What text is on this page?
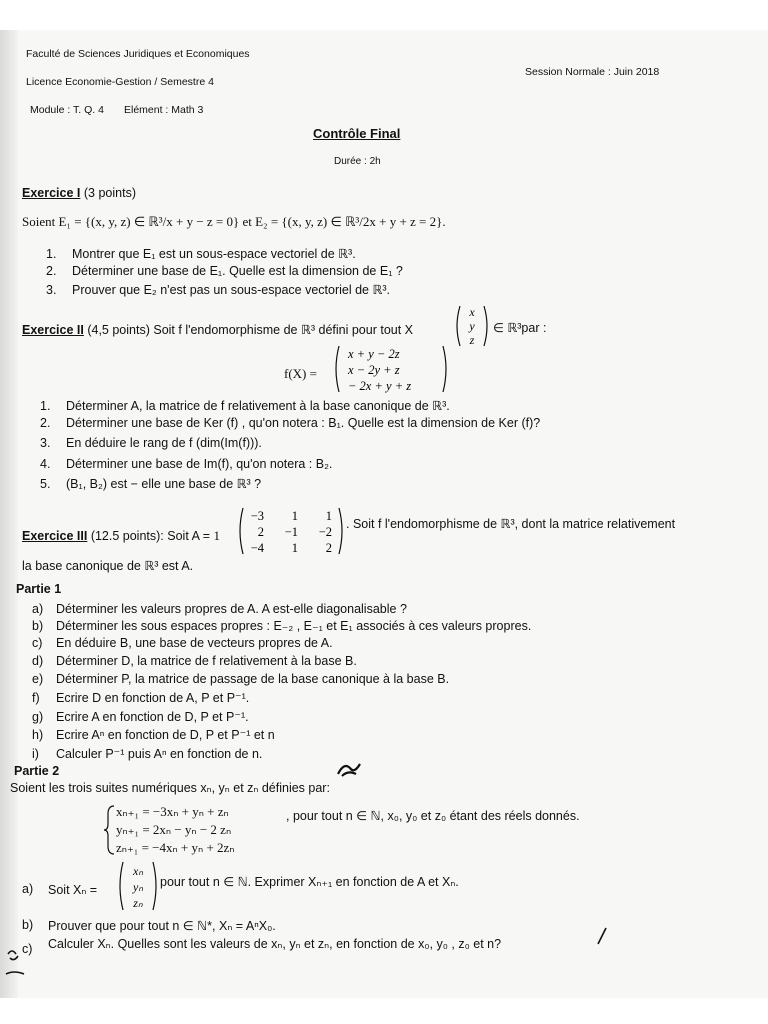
Faculté de Sciences Juridiques et Economiques
Licence Economie-Gestion / Semestre 4
Session Normale : Juin 2018
Module : T. Q. 4 Elément : Math 3
Contrôle Final
Durée : 2h
Exercice I (3 points)
Soient E₁ = {(x, y, z) ∈ ℝ³/x + y − z = 0} et E₂ = {(x, y, z) ∈ ℝ³/2x + y + z = 2}.
1. Montrer que E₁ est un sous-espace vectoriel de ℝ³.
2. Déterminer une base de E₁. Quelle est la dimension de E₁ ?
3. Prouver que E₂ n'est pas un sous-espace vectoriel de ℝ³.
Exercice II (4,5 points) Soit f l'endomorphisme de ℝ³ défini pour tout X
x
y
z
∈ ℝ³par :
f(X) =
x + y − 2z
x − 2y + z
− 2x + y + z
1. Déterminer A, la matrice de f relativement à la base canonique de ℝ³.
2. Déterminer une base de Ker (f) , qu'on notera : B₁. Quelle est la dimension de Ker (f)?
3. En déduire le rang de f (dim(Im(f))).
4. Déterminer une base de Im(f), qu'on notera : B₂.
5. (B₁, B₂) est − elle une base de ℝ³ ?
Exercice III (12.5 points): Soit A = 1
−3 1 1
2 −1 −2
−4 1 2
. Soit f l'endomorphisme de ℝ³, dont la matrice relativement
la base canonique de ℝ³ est A.
Partie 1
a) Déterminer les valeurs propres de A. A est-elle diagonalisable ?
b) Déterminer les sous espaces propres : E₋₂ , E₋₁ et E₁ associés à ces valeurs propres.
c) En déduire B, une base de vecteurs propres de A.
d) Déterminer D, la matrice de f relativement à la base B.
e) Déterminer P, la matrice de passage de la base canonique à la base B.
f) Ecrire D en fonction de A, P et P⁻¹.
g) Ecrire A en fonction de D, P et P⁻¹.
h) Ecrire Aⁿ en fonction de D, P et P⁻¹ et n
i) Calculer P⁻¹ puis Aⁿ en fonction de n.
Partie 2
Soient les trois suites numériques xₙ, yₙ et zₙ définies par:
xₙ₊₁ = −3xₙ + yₙ + zₙ
yₙ₊₁ = 2xₙ − yₙ − 2 zₙ
zₙ₊₁ = −4xₙ + yₙ + 2zₙ
, pour tout n ∈ ℕ, x₀, y₀ et z₀ étant des réels donnés.
a) Soit Xₙ =
xₙ
yₙ
zₙ
pour tout n ∈ ℕ. Exprimer Xₙ₊₁ en fonction de A et Xₙ.
b) Prouver que pour tout n ∈ ℕ*, Xₙ = AⁿX₀.
c) Calculer Xₙ. Quelles sont les valeurs de xₙ, yₙ et zₙ, en fonction de x₀, y₀ , z₀ et n?
